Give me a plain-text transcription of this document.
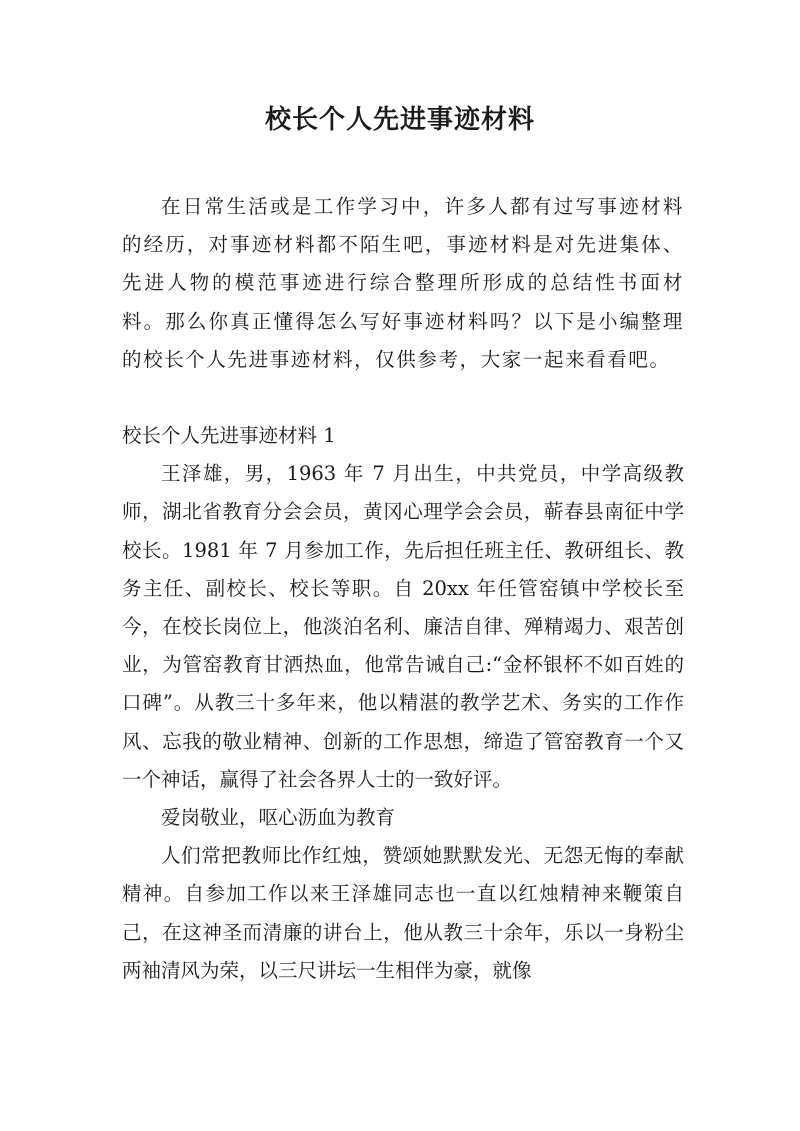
校长个人先进事迹材料

在日常生活或是工作学习中，许多人都有过写事迹材料的经历，对事迹材料都不陌生吧，事迹材料是对先进集体、先进人物的模范事迹进行综合整理所形成的总结性书面材料。那么你真正懂得怎么写好事迹材料吗？以下是小编整理的校长个人先进事迹材料，仅供参考，大家一起来看看吧。

校长个人先进事迹材料 1

王泽雄，男，1963 年 7 月出生，中共党员，中学高级教师，湖北省教育分会会员，黄冈心理学会会员，蕲春县南征中学校长。1981 年 7 月参加工作，先后担任班主任、教研组长、教务主任、副校长、校长等职。自 20xx 年任管窑镇中学校长至今，在校长岗位上，他淡泊名利、廉洁自律、殚精竭力、艰苦创业，为管窑教育甘洒热血，他常告诫自己:“金杯银杯不如百姓的口碑”。从教三十多年来，他以精湛的教学艺术、务实的工作作风、忘我的敬业精神、创新的工作思想，缔造了管窑教育一个又一个神话，赢得了社会各界人士的一致好评。

爱岗敬业，呕心沥血为教育

人们常把教师比作红烛，赞颂她默默发光、无怨无悔的奉献精神。自参加工作以来王泽雄同志也一直以红烛精神来鞭策自己，在这神圣而清廉的讲台上，他从教三十余年，乐以一身粉尘两袖清风为荣，以三尺讲坛一生相伴为豪，就像
